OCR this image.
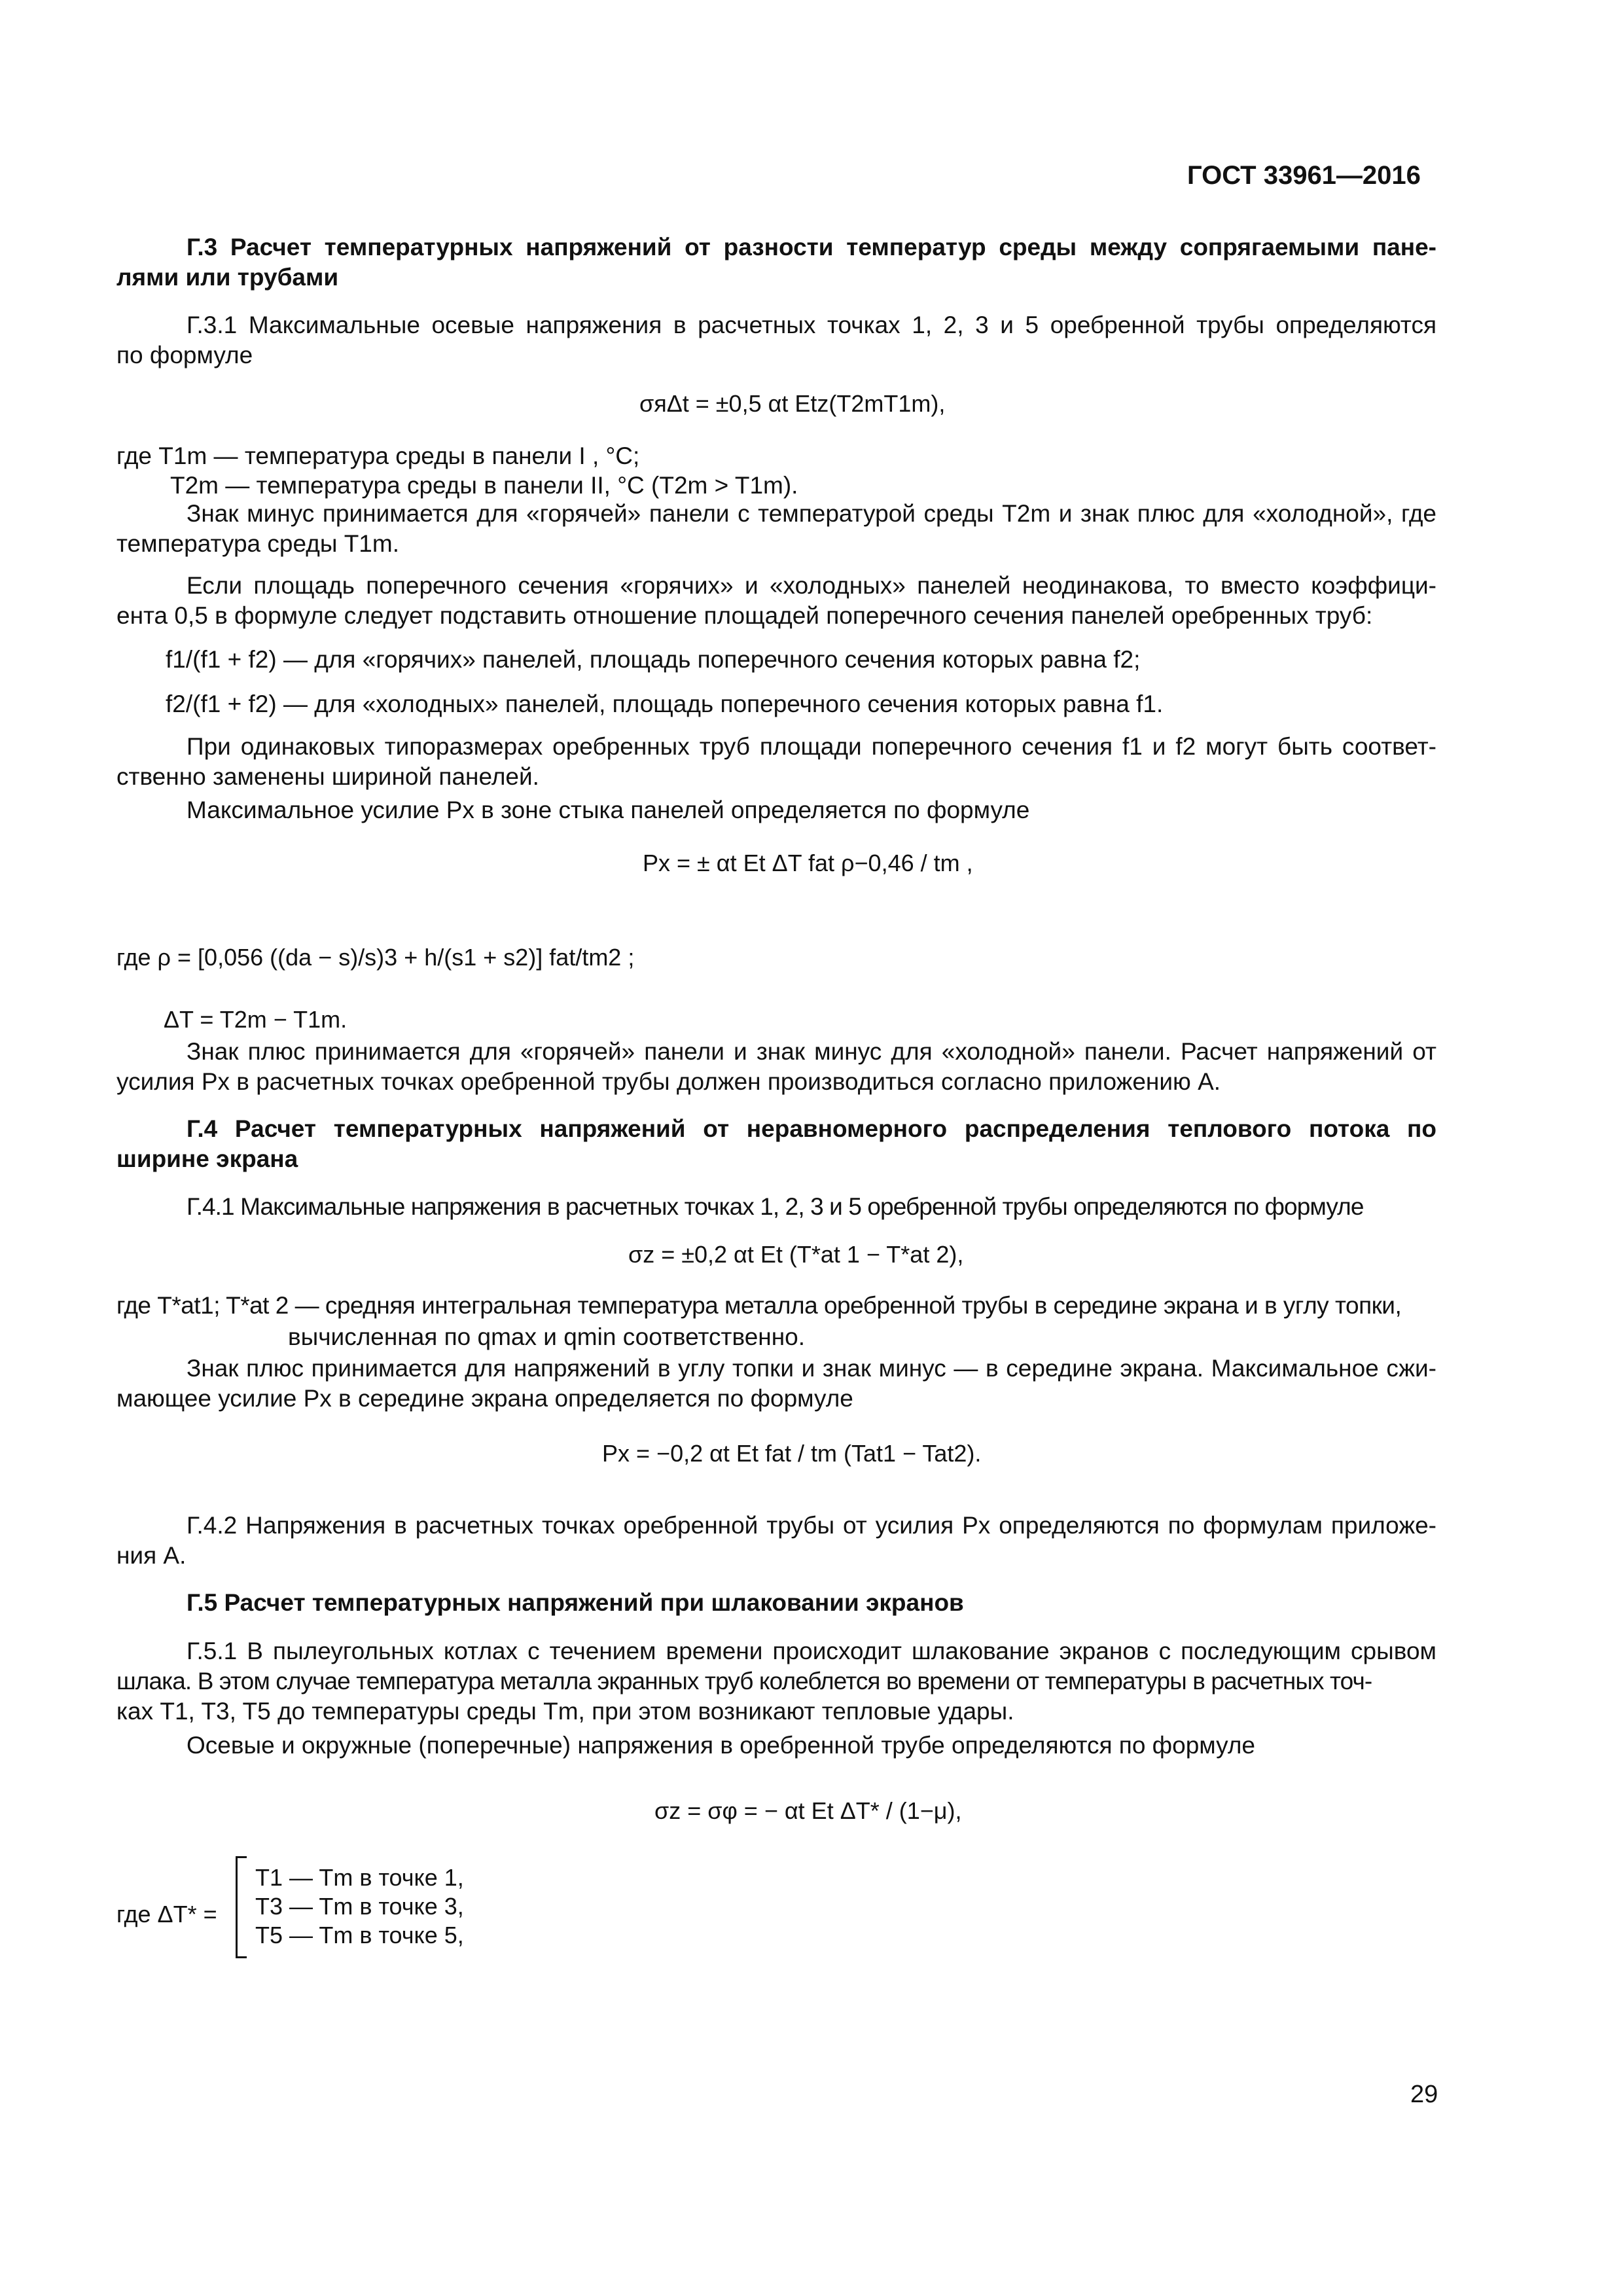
ГОСТ 33961—2016
Г.3 Расчет температурных напряжений от разности температур среды между сопрягаемыми пане-
лями или трубами
Г.3.1 Максимальные осевые напряжения в расчетных точках 1, 2, 3 и 5 оребренной трубы определяются
по формуле
σяΔt = ±0,5 αt Etz(T2mT1m),
где T1m — температура среды в панели I , °С;
T2m — температура среды в панели II, °С (T2m > T1m).
Знак минус принимается для «горячей» панели с температурой среды T2m и знак плюс для «холодной», где
температура среды T1m.
Если площадь поперечного сечения «горячих» и «холодных» панелей неодинакова, то вместо коэффици-
ента 0,5 в формуле следует подставить отношение площадей поперечного сечения панелей оребренных труб:
f1/(f1 + f2) — для «горячих» панелей, площадь поперечного сечения которых равна f2;
f2/(f1 + f2) — для «холодных» панелей, площадь поперечного сечения которых равна f1.
При одинаковых типоразмерах оребренных труб площади поперечного сечения f1 и f2 могут быть соответ-
ственно заменены шириной панелей.
Максимальное усилие Px в зоне стыка панелей определяется по формуле
Px = ± αt Et ΔT fat ρ−0,46 / tm ,
где ρ = [0,056 ((da − s)/s)3 + h/(s1 + s2)] fat/tm2 ;
ΔT = T2m − T1m.
Знак плюс принимается для «горячей» панели и знак минус для «холодной» панели. Расчет напряжений от
усилия Px в расчетных точках оребренной трубы должен производиться согласно приложению А.
Г.4 Расчет температурных напряжений от неравномерного распределения теплового потока по
ширине экрана
Г.4.1 Максимальные напряжения в расчетных точках 1, 2, 3 и 5 оребренной трубы определяются по формуле
σz = ±0,2 αt Et (T*at 1 − T*at 2),
где T*at1; T*at 2 — средняя интегральная температура металла оребренной трубы в середине экрана и в углу топки,
вычисленная по qmax и qmin соответственно.
Знак плюс принимается для напряжений в углу топки и знак минус — в середине экрана. Максимальное сжи-
мающее усилие Px в середине экрана определяется по формуле
Px = −0,2 αt Et fat / tm (Tat1 − Tat2).
Г.4.2 Напряжения в расчетных точках оребренной трубы от усилия Px определяются по формулам приложе-
ния А.
Г.5 Расчет температурных напряжений при шлаковании экранов
Г.5.1 В пылеугольных котлах с течением времени происходит шлакование экранов с последующим срывом
шлака. В этом случае температура металла экранных труб колеблется во времени от температуры в расчетных точ-
ках T1, T3, T5 до температуры среды Tm, при этом возникают тепловые удары.
Осевые и окружные (поперечные) напряжения в оребренной трубе определяются по формуле
σz = σφ = − αt Et ΔT* / (1−μ),
где ΔT* =
T1 — Tm в точке 1,
T3 — Tm в точке 3,
T5 — Tm в точке 5,
29
